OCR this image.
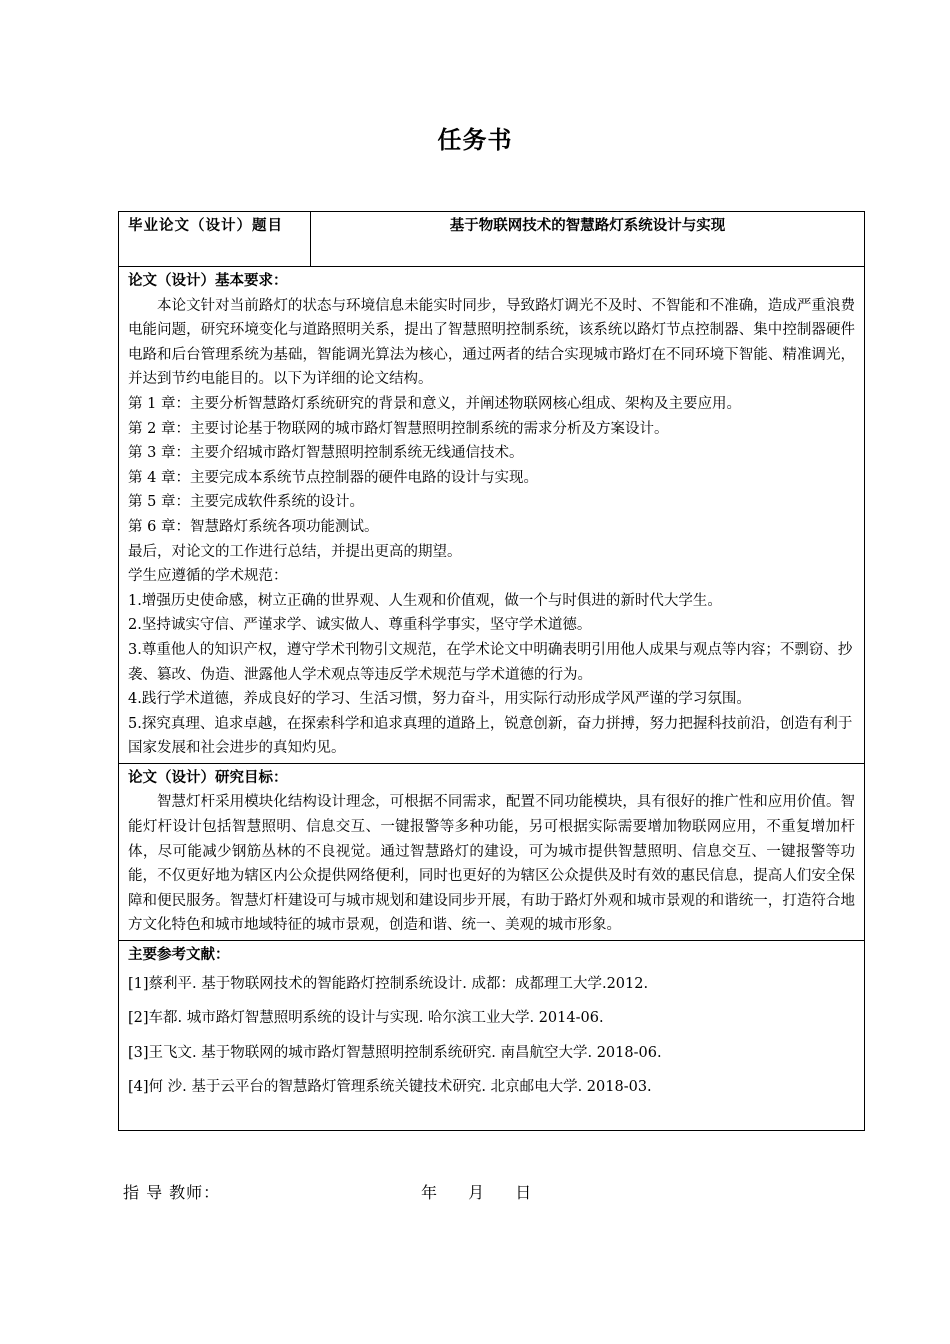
任务书
毕业论文（设计）题目	基于物联网技术的智慧路灯系统设计与实现

论文（设计）基本要求：
本论文针对当前路灯的状态与环境信息未能实时同步，导致路灯调光不及时、不智能和不准确，造成严重浪费电能问题，研究环境变化与道路照明关系，提出了智慧照明控制系统，该系统以路灯节点控制器、集中控制器硬件电路和后台管理系统为基础，智能调光算法为核心，通过两者的结合实现城市路灯在不同环境下智能、精准调光，并达到节约电能目的。以下为详细的论文结构。
第 1 章：主要分析智慧路灯系统研究的背景和意义，并阐述物联网核心组成、架构及主要应用。
第 2 章：主要讨论基于物联网的城市路灯智慧照明控制系统的需求分析及方案设计。
第 3 章：主要介绍城市路灯智慧照明控制系统无线通信技术。
第 4 章：主要完成本系统节点控制器的硬件电路的设计与实现。
第 5 章：主要完成软件系统的设计。
第 6 章：智慧路灯系统各项功能测试。
最后，对论文的工作进行总结，并提出更高的期望。
学生应遵循的学术规范：
1.增强历史使命感，树立正确的世界观、人生观和价值观，做一个与时俱进的新时代大学生。
2.坚持诚实守信、严谨求学、诚实做人、尊重科学事实，坚守学术道德。
3.尊重他人的知识产权，遵守学术刊物引文规范，在学术论文中明确表明引用他人成果与观点等内容；不剽窃、抄袭、篡改、伪造、泄露他人学术观点等违反学术规范与学术道德的行为。
4.践行学术道德，养成良好的学习、生活习惯，努力奋斗，用实际行动形成学风严谨的学习氛围。
5.探究真理、追求卓越，在探索科学和追求真理的道路上，锐意创新，奋力拼搏，努力把握科技前沿，创造有利于国家发展和社会进步的真知灼见。

论文（设计）研究目标：
智慧灯杆采用模块化结构设计理念，可根据不同需求，配置不同功能模块，具有很好的推广性和应用价值。智能灯杆设计包括智慧照明、信息交互、一键报警等多种功能，另可根据实际需要增加物联网应用，不重复增加杆体，尽可能减少钢筋丛林的不良视觉。通过智慧路灯的建设，可为城市提供智慧照明、信息交互、一键报警等功能，不仅更好地为辖区内公众提供网络便利，同时也更好的为辖区公众提供及时有效的惠民信息，提高人们安全保障和便民服务。智慧灯杆建设可与城市规划和建设同步开展，有助于路灯外观和城市景观的和谐统一，打造符合地方文化特色和城市地域特征的城市景观，创造和谐、统一、美观的城市形象。

主要参考文献：
[1]蔡利平. 基于物联网技术的智能路灯控制系统设计. 成都：成都理工大学.2012.
[2]车都. 城市路灯智慧照明系统的设计与实现. 哈尔滨工业大学. 2014-06.
[3]王飞文. 基于物联网的城市路灯智慧照明控制系统研究. 南昌航空大学. 2018-06.
[4]何 沙. 基于云平台的智慧路灯管理系统关键技术研究. 北京邮电大学. 2018-03.
指 导 教师：	年 月 日
